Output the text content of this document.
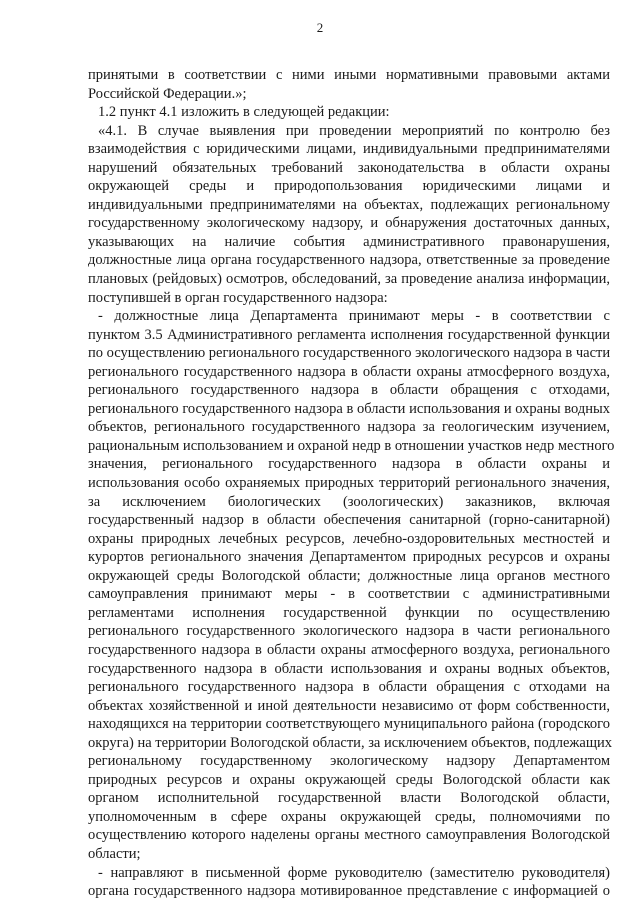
2
принятыми в соответствии с ними иными нормативными правовыми актами
Российской Федерации.»;
1.2 пункт 4.1 изложить в следующей редакции:
«4.1. В случае выявления при проведении мероприятий по контролю без
взаимодействия с юридическими лицами, индивидуальными предпринимателями
нарушений обязательных требований законодательства в области охраны
окружающей среды и природопользования юридическими лицами и
индивидуальными предпринимателями на объектах, подлежащих региональному
государственному экологическому надзору, и обнаружения достаточных данных,
указывающих на наличие события административного правонарушения,
должностные лица органа государственного надзора, ответственные за проведение
плановых (рейдовых) осмотров, обследований, за проведение анализа информации,
поступившей в орган государственного надзора:
- должностные лица Департамента принимают меры - в соответствии с
пунктом 3.5 Административного регламента исполнения государственной функции
по осуществлению регионального государственного экологического надзора в части
регионального государственного надзора в области охраны атмосферного воздуха,
регионального государственного надзора в области обращения с отходами,
регионального государственного надзора в области использования и охраны водных
объектов, регионального государственного надзора за геологическим изучением,
рациональным использованием и охраной недр в отношении участков недр местного
значения, регионального государственного надзора в области охраны и
использования особо охраняемых природных территорий регионального значения,
за исключением биологических (зоологических) заказников, включая
государственный надзор в области обеспечения санитарной (горно-санитарной)
охраны природных лечебных ресурсов, лечебно-оздоровительных местностей и
курортов регионального значения Департаментом природных ресурсов и охраны
окружающей среды Вологодской области; должностные лица органов местного
самоуправления принимают меры - в соответствии с административными
регламентами исполнения государственной функции по осуществлению
регионального государственного экологического надзора в части регионального
государственного надзора в области охраны атмосферного воздуха, регионального
государственного надзора в области использования и охраны водных объектов,
регионального государственного надзора в области обращения с отходами на
объектах хозяйственной и иной деятельности независимо от форм собственности,
находящихся на территории соответствующего муниципального района (городского
округа) на территории Вологодской области, за исключением объектов, подлежащих
региональному государственному экологическому надзору Департаментом
природных ресурсов и охраны окружающей среды Вологодской области как
органом исполнительной государственной власти Вологодской области,
уполномоченным в сфере охраны окружающей среды, полномочиями по
осуществлению которого наделены органы местного самоуправления Вологодской
области;
- направляют в письменной форме руководителю (заместителю руководителя)
органа государственного надзора мотивированное представление с информацией о
